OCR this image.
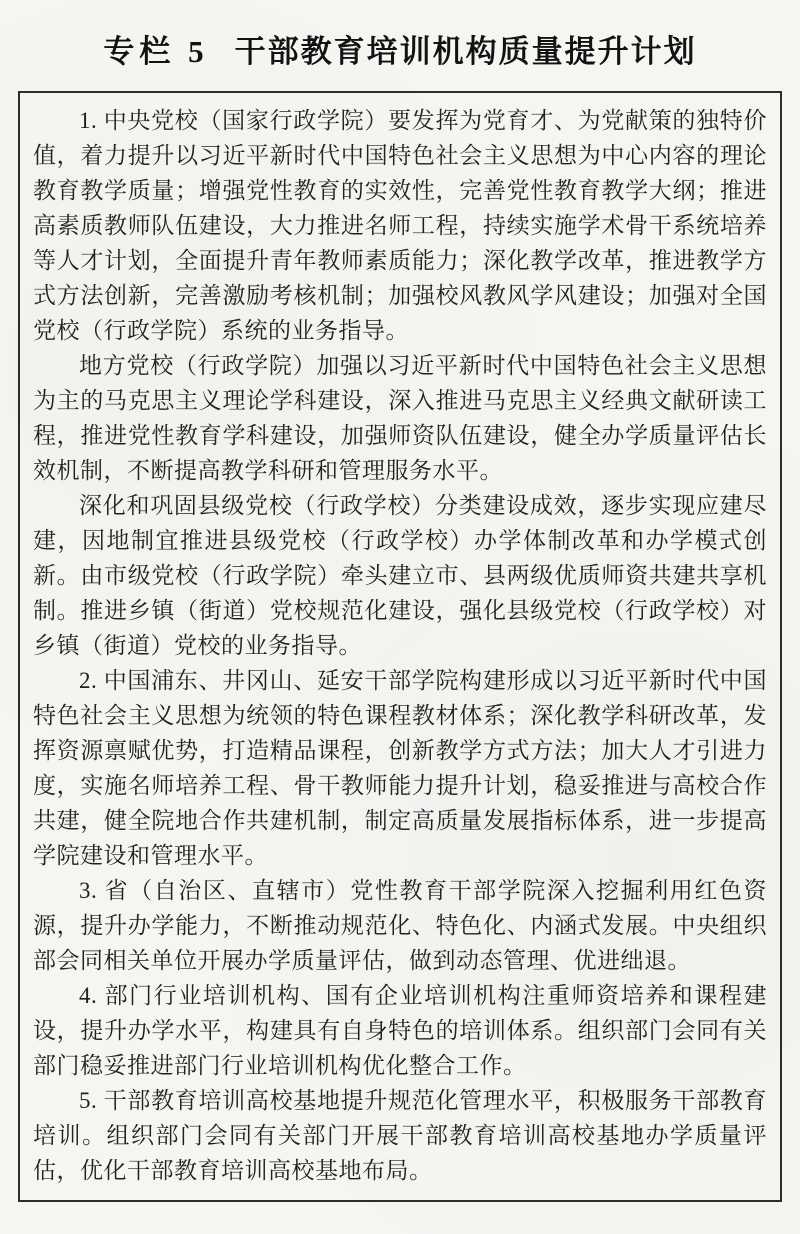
专栏 5 干部教育培训机构质量提升计划

1. 中央党校（国家行政学院）要发挥为党育才、为党献策的独特价值，着力提升以习近平新时代中国特色社会主义思想为中心内容的理论教育教学质量；增强党性教育的实效性，完善党性教育教学大纲；推进高素质教师队伍建设，大力推进名师工程，持续实施学术骨干系统培养等人才计划，全面提升青年教师素质能力；深化教学改革，推进教学方式方法创新，完善激励考核机制；加强校风教风学风建设；加强对全国党校（行政学院）系统的业务指导。

地方党校（行政学院）加强以习近平新时代中国特色社会主义思想为主的马克思主义理论学科建设，深入推进马克思主义经典文献研读工程，推进党性教育学科建设，加强师资队伍建设，健全办学质量评估长效机制，不断提高教学科研和管理服务水平。

深化和巩固县级党校（行政学校）分类建设成效，逐步实现应建尽建，因地制宜推进县级党校（行政学校）办学体制改革和办学模式创新。由市级党校（行政学院）牵头建立市、县两级优质师资共建共享机制。推进乡镇（街道）党校规范化建设，强化县级党校（行政学校）对乡镇（街道）党校的业务指导。

2. 中国浦东、井冈山、延安干部学院构建形成以习近平新时代中国特色社会主义思想为统领的特色课程教材体系；深化教学科研改革，发挥资源禀赋优势，打造精品课程，创新教学方式方法；加大人才引进力度，实施名师培养工程、骨干教师能力提升计划，稳妥推进与高校合作共建，健全院地合作共建机制，制定高质量发展指标体系，进一步提高学院建设和管理水平。

3. 省（自治区、直辖市）党性教育干部学院深入挖掘利用红色资源，提升办学能力，不断推动规范化、特色化、内涵式发展。中央组织部会同相关单位开展办学质量评估，做到动态管理、优进绌退。

4. 部门行业培训机构、国有企业培训机构注重师资培养和课程建设，提升办学水平，构建具有自身特色的培训体系。组织部门会同有关部门稳妥推进部门行业培训机构优化整合工作。

5. 干部教育培训高校基地提升规范化管理水平，积极服务干部教育培训。组织部门会同有关部门开展干部教育培训高校基地办学质量评估，优化干部教育培训高校基地布局。
